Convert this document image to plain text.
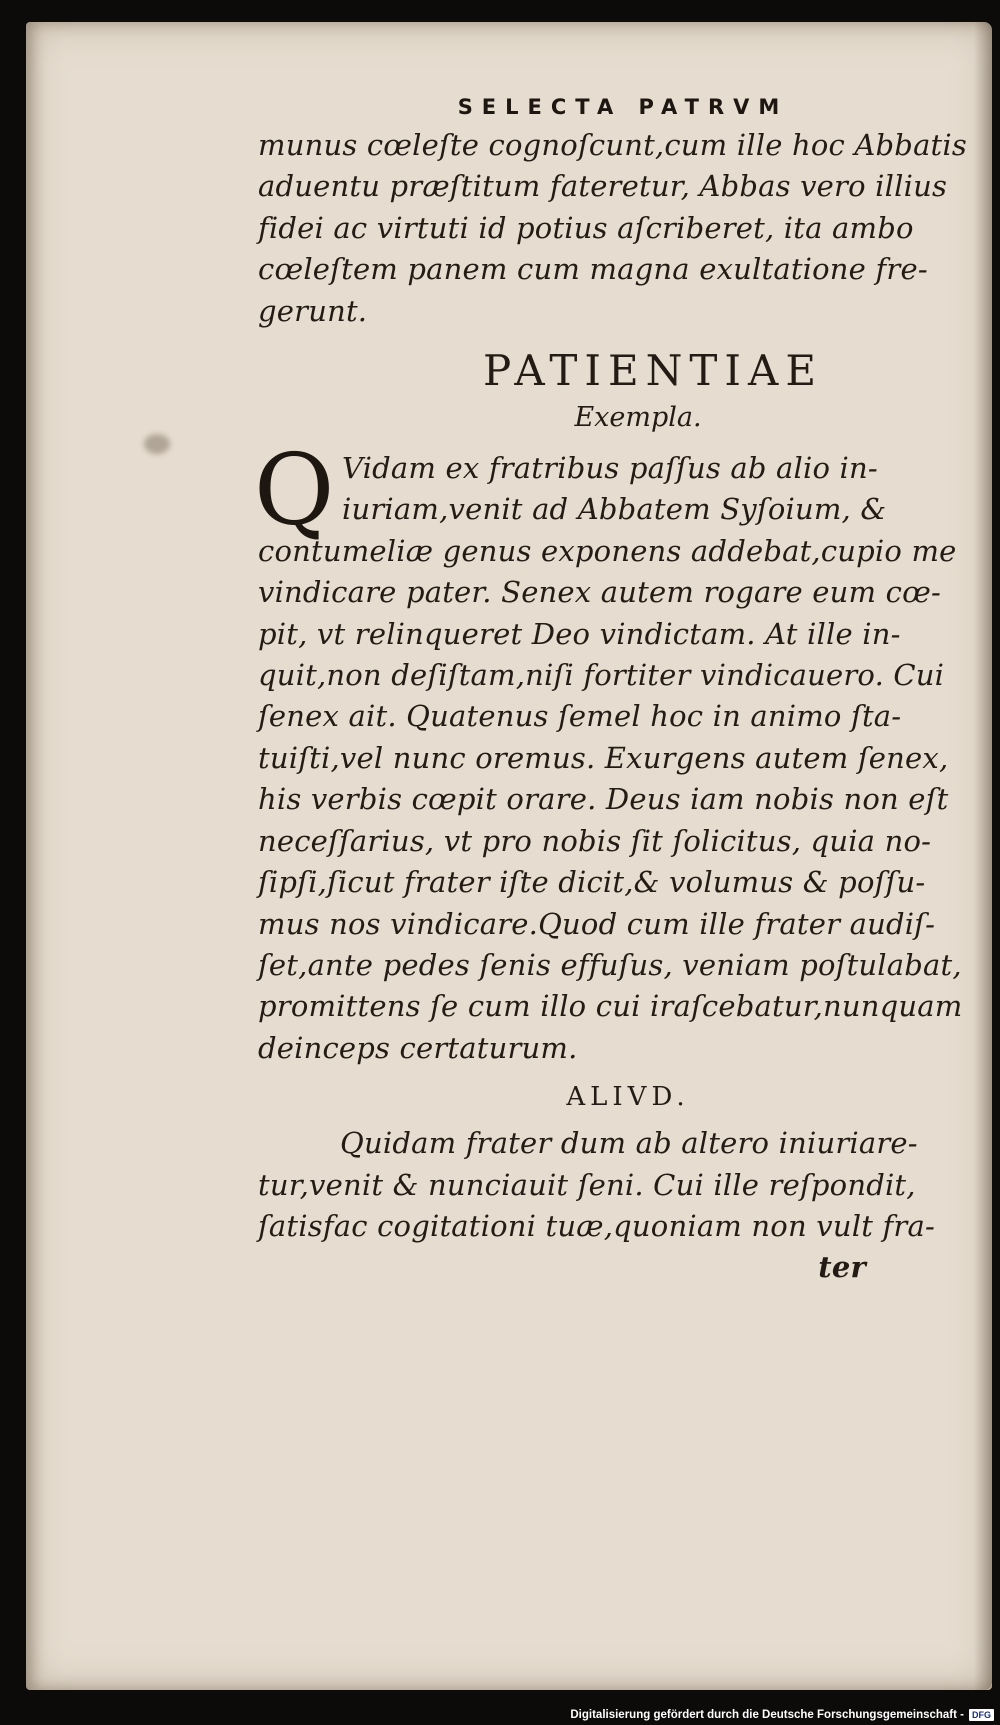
SELECTA PATRVM
munus cœleſte cognoſcunt,cum ille hoc Abbatis
aduentu præſtitum fateretur, Abbas vero illius
fidei ac virtuti id potius aſcriberet, ita ambo
cœleſtem panem cum magna exultatione fre-
gerunt.
PATIENTIAE
Exempla.
Q Vidam ex fratribus paſſus ab alio in-
iuriam,venit ad Abbatem Syſoium, &
contumeliæ genus exponens addebat,cupio me
vindicare pater. Senex autem rogare eum cœ-
pit, vt relinqueret Deo vindictam. At ille in-
quit,non deſiſtam,niſi fortiter vindicauero. Cui
ſenex ait. Quatenus ſemel hoc in animo ſta-
tuiſti,vel nunc oremus. Exurgens autem ſenex,
his verbis cœpit orare. Deus iam nobis non eſt
neceſſarius, vt pro nobis ſit ſolicitus, quia no-
ſipſi,ſicut frater iſte dicit,& volumus & poſſu-
mus nos vindicare.Quod cum ille frater audiſ-
ſet,ante pedes ſenis effuſus, veniam poſtulabat,
promittens ſe cum illo cui iraſcebatur,nunquam
deinceps certaturum.
ALIVD.
Quidam frater dum ab altero iniuriare-
tur,venit & nunciauit ſeni. Cui ille reſpondit,
ſatisfac cogitationi tuæ,quoniam non vult fra-
ter
Digitalisierung gefördert durch die Deutsche Forschungsgemeinschaft - DFG
